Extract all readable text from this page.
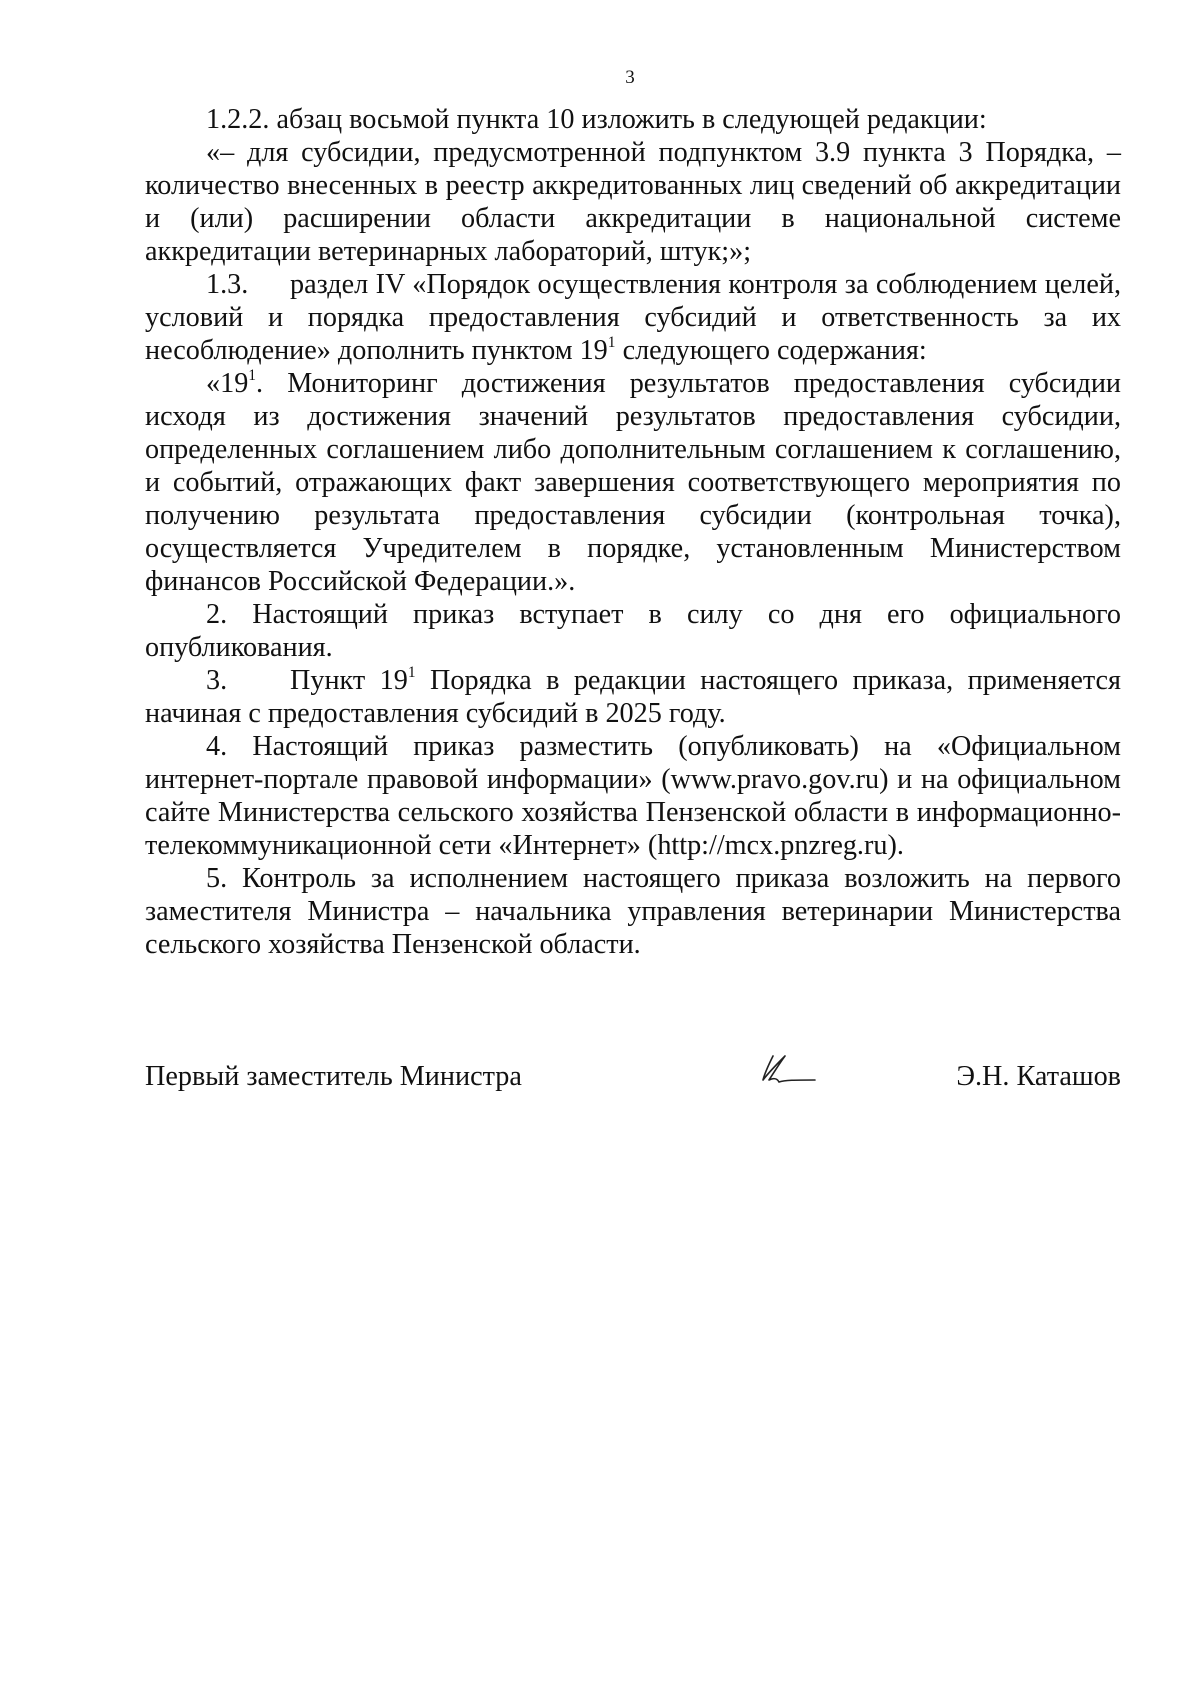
3

1.2.2. абзац восьмой пункта 10 изложить в следующей редакции:

«– для субсидии, предусмотренной подпунктом 3.9 пункта 3 Порядка, – количество внесенных в реестр аккредитованных лиц сведений об аккредитации и (или) расширении области аккредитации в национальной системе аккредитации ветеринарных лабораторий, штук;»;

1.3. раздел IV «Порядок осуществления контроля за соблюдением целей, условий и порядка предоставления субсидий и ответственность за их несоблюдение» дополнить пунктом $19^1$ следующего содержания:

«$19^1$. Мониторинг достижения результатов предоставления субсидии исходя из достижения значений результатов предоставления субсидии, определенных соглашением либо дополнительным соглашением к соглашению, и событий, отражающих факт завершения соответствующего мероприятия по получению результата предоставления субсидии (контрольная точка), осуществляется Учредителем в порядке, установленным Министерством финансов Российской Федерации.».

2. Настоящий приказ вступает в силу со дня его официального опубликования.

3. Пункт $19^1$ Порядка в редакции настоящего приказа, применяется начиная с предоставления субсидий в 2025 году.

4. Настоящий приказ разместить (опубликовать) на «Официальном интернет-портале правовой информации» (www.pravo.gov.ru) и на официальном сайте Министерства сельского хозяйства Пензенской области в информационно-телекоммуникационной сети «Интернет» (http://mcx.pnzreg.ru).

5. Контроль за исполнением настоящего приказа возложить на первого заместителя Министра – начальника управления ветеринарии Министерства сельского хозяйства Пензенской области.

Первый заместитель Министра	Э.Н. Каташов
